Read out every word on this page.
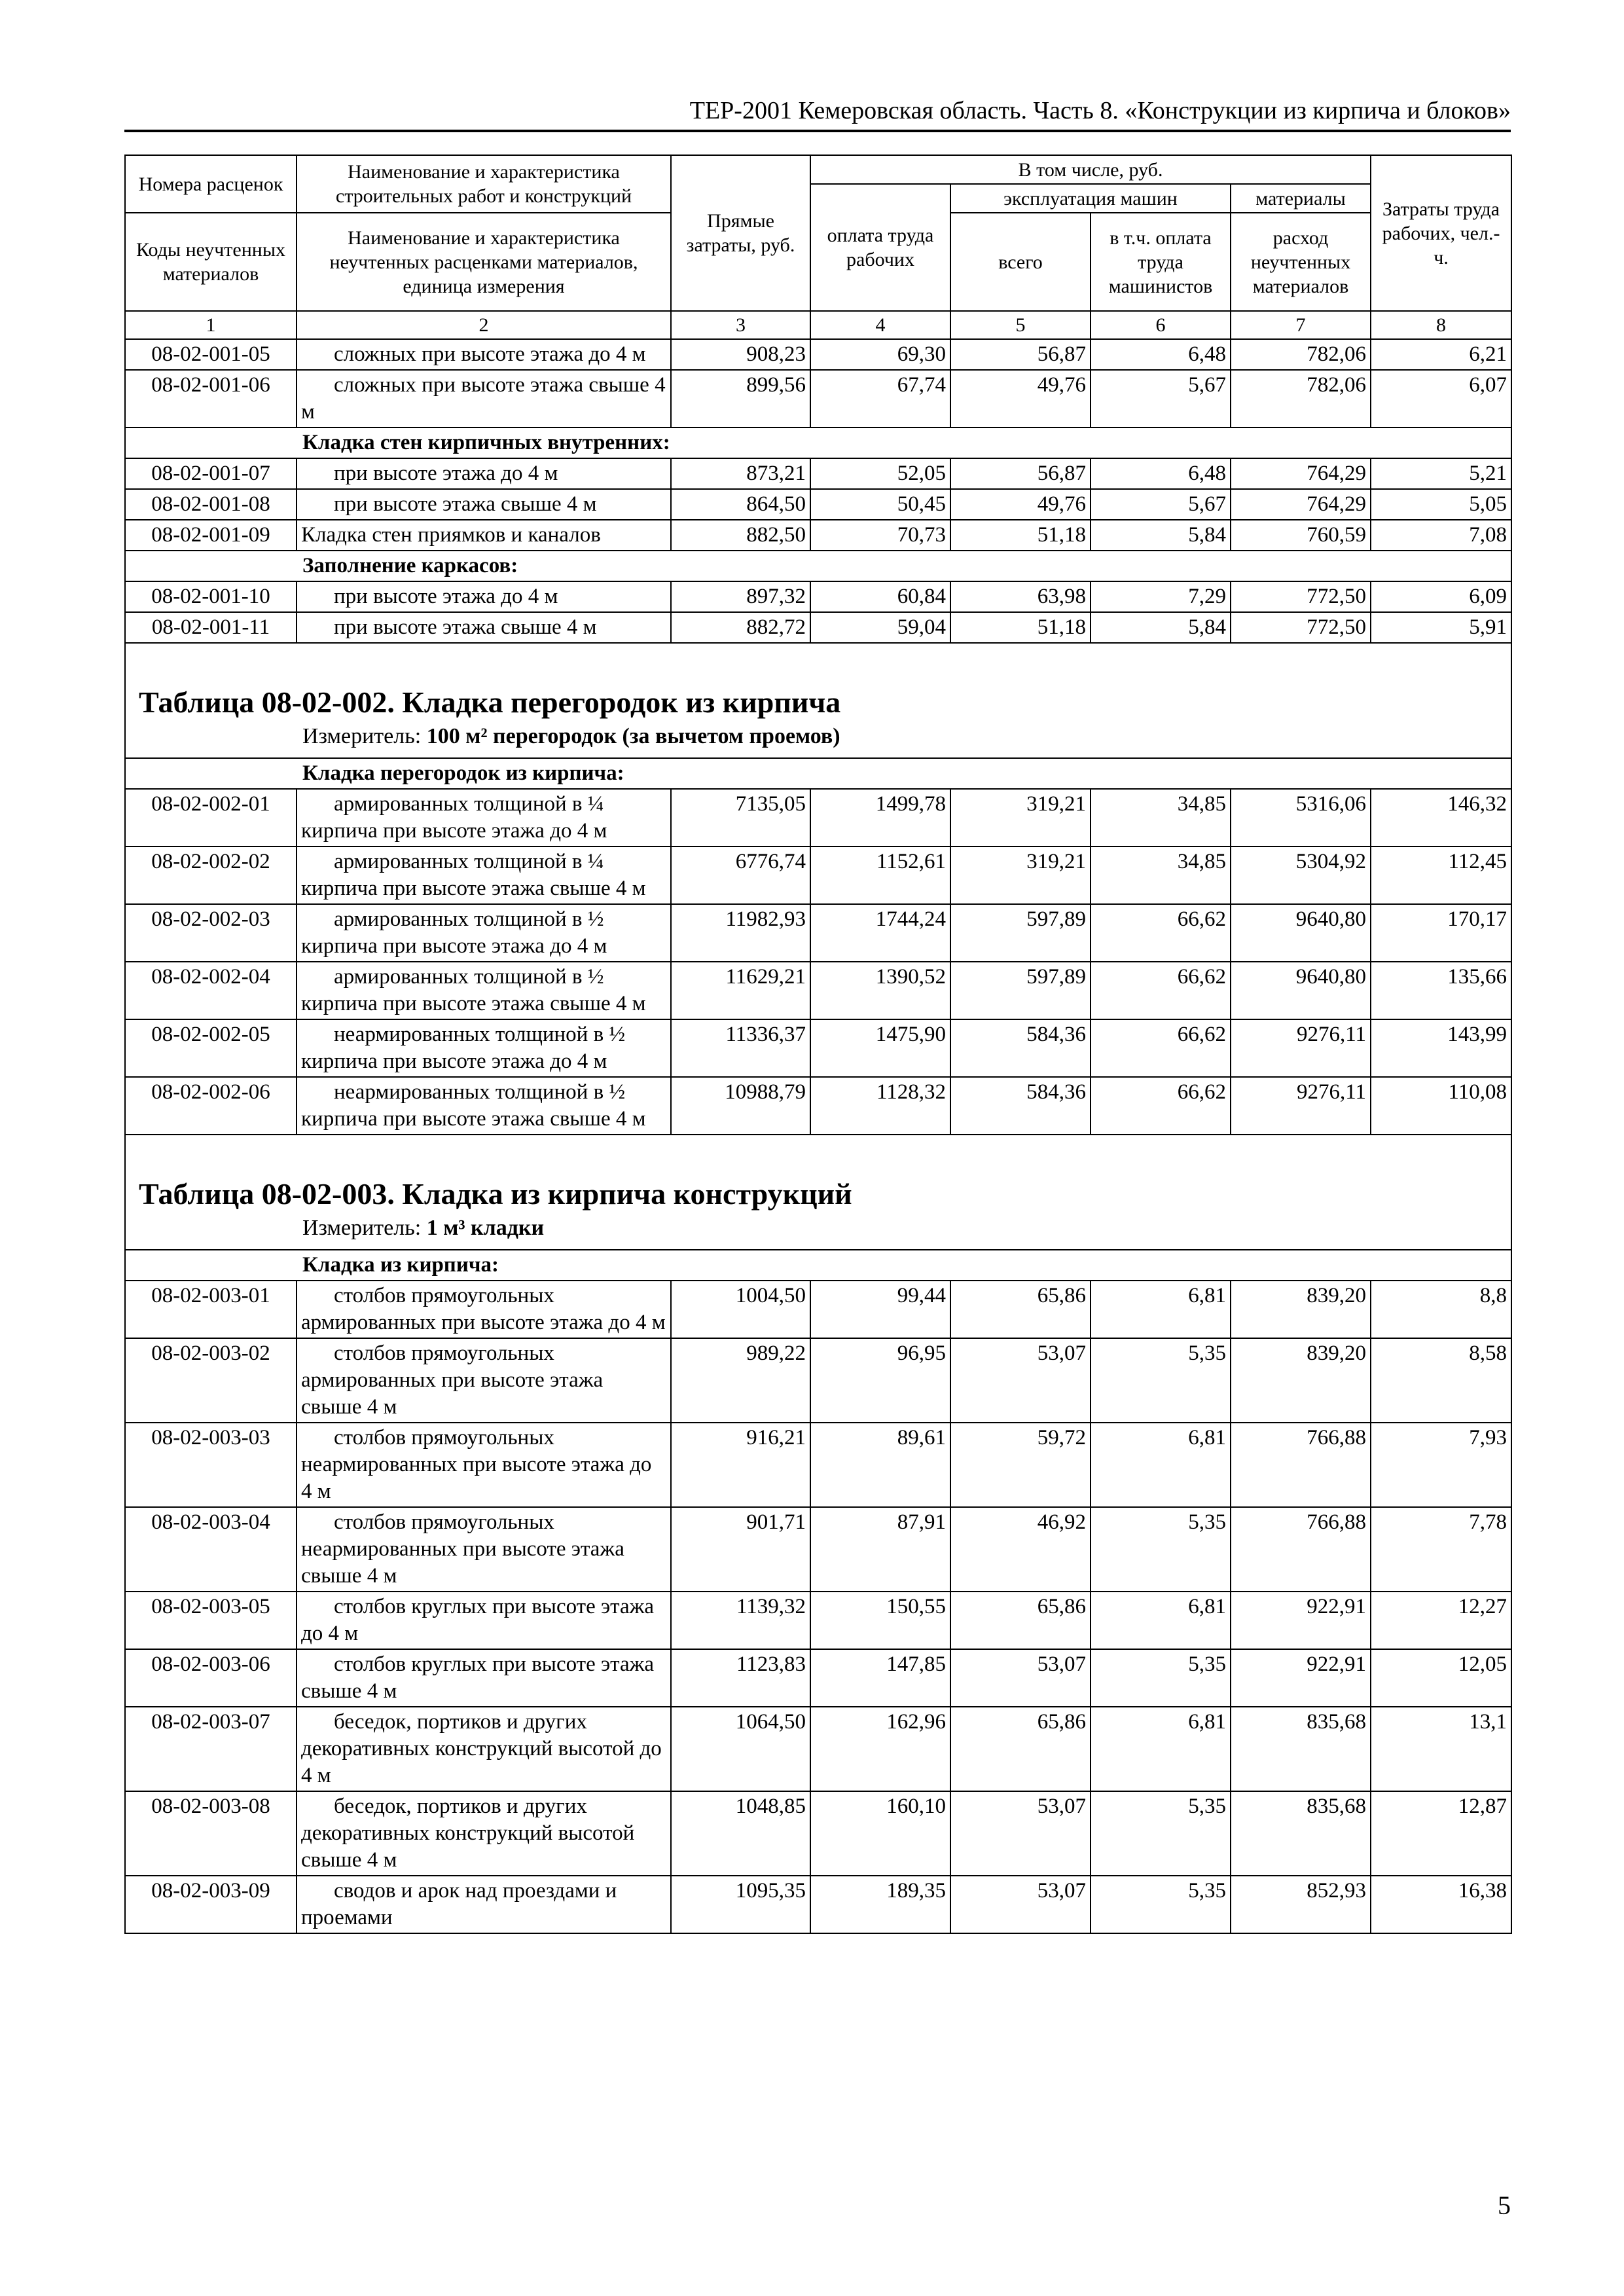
ТЕР-2001 Кемеровская область. Часть 8. «Конструкции из кирпича и блоков»
Номера расценок	Наименование и характеристика строительных работ и конструкций	Прямые затраты, руб.	В том числе, руб.				Затраты труда рабочих, чел.-ч.
			оплата труда рабочих	эксплуатация машин		материалы	
Коды неучтенных материалов	Наименование и характеристика неучтенных расценками материалов, единица измерения			всего	в т.ч. оплата труда машинистов	расход неучтенных материалов	

1	2	3	4	5	6	7	8
08-02-001-05	сложных при высоте этажа до 4 м	908,23	69,30	56,87	6,48	782,06	6,21
08-02-001-06	сложных при высоте этажа свыше 4 м	899,56	67,74	49,76	5,67	782,06	6,07
Кладка стен кирпичных внутренних:							
08-02-001-07	при высоте этажа до 4 м	873,21	52,05	56,87	6,48	764,29	5,21
08-02-001-08	при высоте этажа свыше 4 м	864,50	50,45	49,76	5,67	764,29	5,05
08-02-001-09	Кладка стен приямков и каналов	882,50	70,73	51,18	5,84	760,59	7,08
Заполнение каркасов:							
08-02-001-10	при высоте этажа до 4 м	897,32	60,84	63,98	7,29	772,50	6,09
08-02-001-11	при высоте этажа свыше 4 м	882,72	59,04	51,18	5,84	772,50	5,91

Таблица 08-02-002. Кладка перегородок из кирпича
Измеритель: 100 м² перегородок (за вычетом проемов)							

Кладка перегородок из кирпича:							
08-02-002-01	армированных толщиной в ¼ кирпича при высоте этажа до 4 м	7135,05	1499,78	319,21	34,85	5316,06	146,32
08-02-002-02	армированных толщиной в ¼ кирпича при высоте этажа свыше 4 м	6776,74	1152,61	319,21	34,85	5304,92	112,45
08-02-002-03	армированных толщиной в ½ кирпича при высоте этажа до 4 м	11982,93	1744,24	597,89	66,62	9640,80	170,17
08-02-002-04	армированных толщиной в ½ кирпича при высоте этажа свыше 4 м	11629,21	1390,52	597,89	66,62	9640,80	135,66
08-02-002-05	неармированных толщиной в ½ кирпича при высоте этажа до 4 м	11336,37	1475,90	584,36	66,62	9276,11	143,99
08-02-002-06	неармированных толщиной в ½ кирпича при высоте этажа свыше 4 м	10988,79	1128,32	584,36	66,62	9276,11	110,08

Таблица 08-02-003. Кладка из кирпича конструкций
Измеритель: 1 м³ кладки							

Кладка из кирпича:							
08-02-003-01	столбов прямоугольных армированных при высоте этажа до 4 м	1004,50	99,44	65,86	6,81	839,20	8,8
08-02-003-02	столбов прямоугольных армированных при высоте этажа свыше 4 м	989,22	96,95	53,07	5,35	839,20	8,58
08-02-003-03	столбов прямоугольных неармированных при высоте этажа до 4 м	916,21	89,61	59,72	6,81	766,88	7,93
08-02-003-04	столбов прямоугольных неармированных при высоте этажа свыше 4 м	901,71	87,91	46,92	5,35	766,88	7,78
08-02-003-05	столбов круглых при высоте этажа до 4 м	1139,32	150,55	65,86	6,81	922,91	12,27
08-02-003-06	столбов круглых при высоте этажа свыше 4 м	1123,83	147,85	53,07	5,35	922,91	12,05
08-02-003-07	беседок, портиков и других декоративных конструкций высотой до 4 м	1064,50	162,96	65,86	6,81	835,68	13,1
08-02-003-08	беседок, портиков и других декоративных конструкций высотой свыше 4 м	1048,85	160,10	53,07	5,35	835,68	12,87
08-02-003-09	сводов и арок над проездами и проемами	1095,35	189,35	53,07	5,35	852,93	16,38
5
